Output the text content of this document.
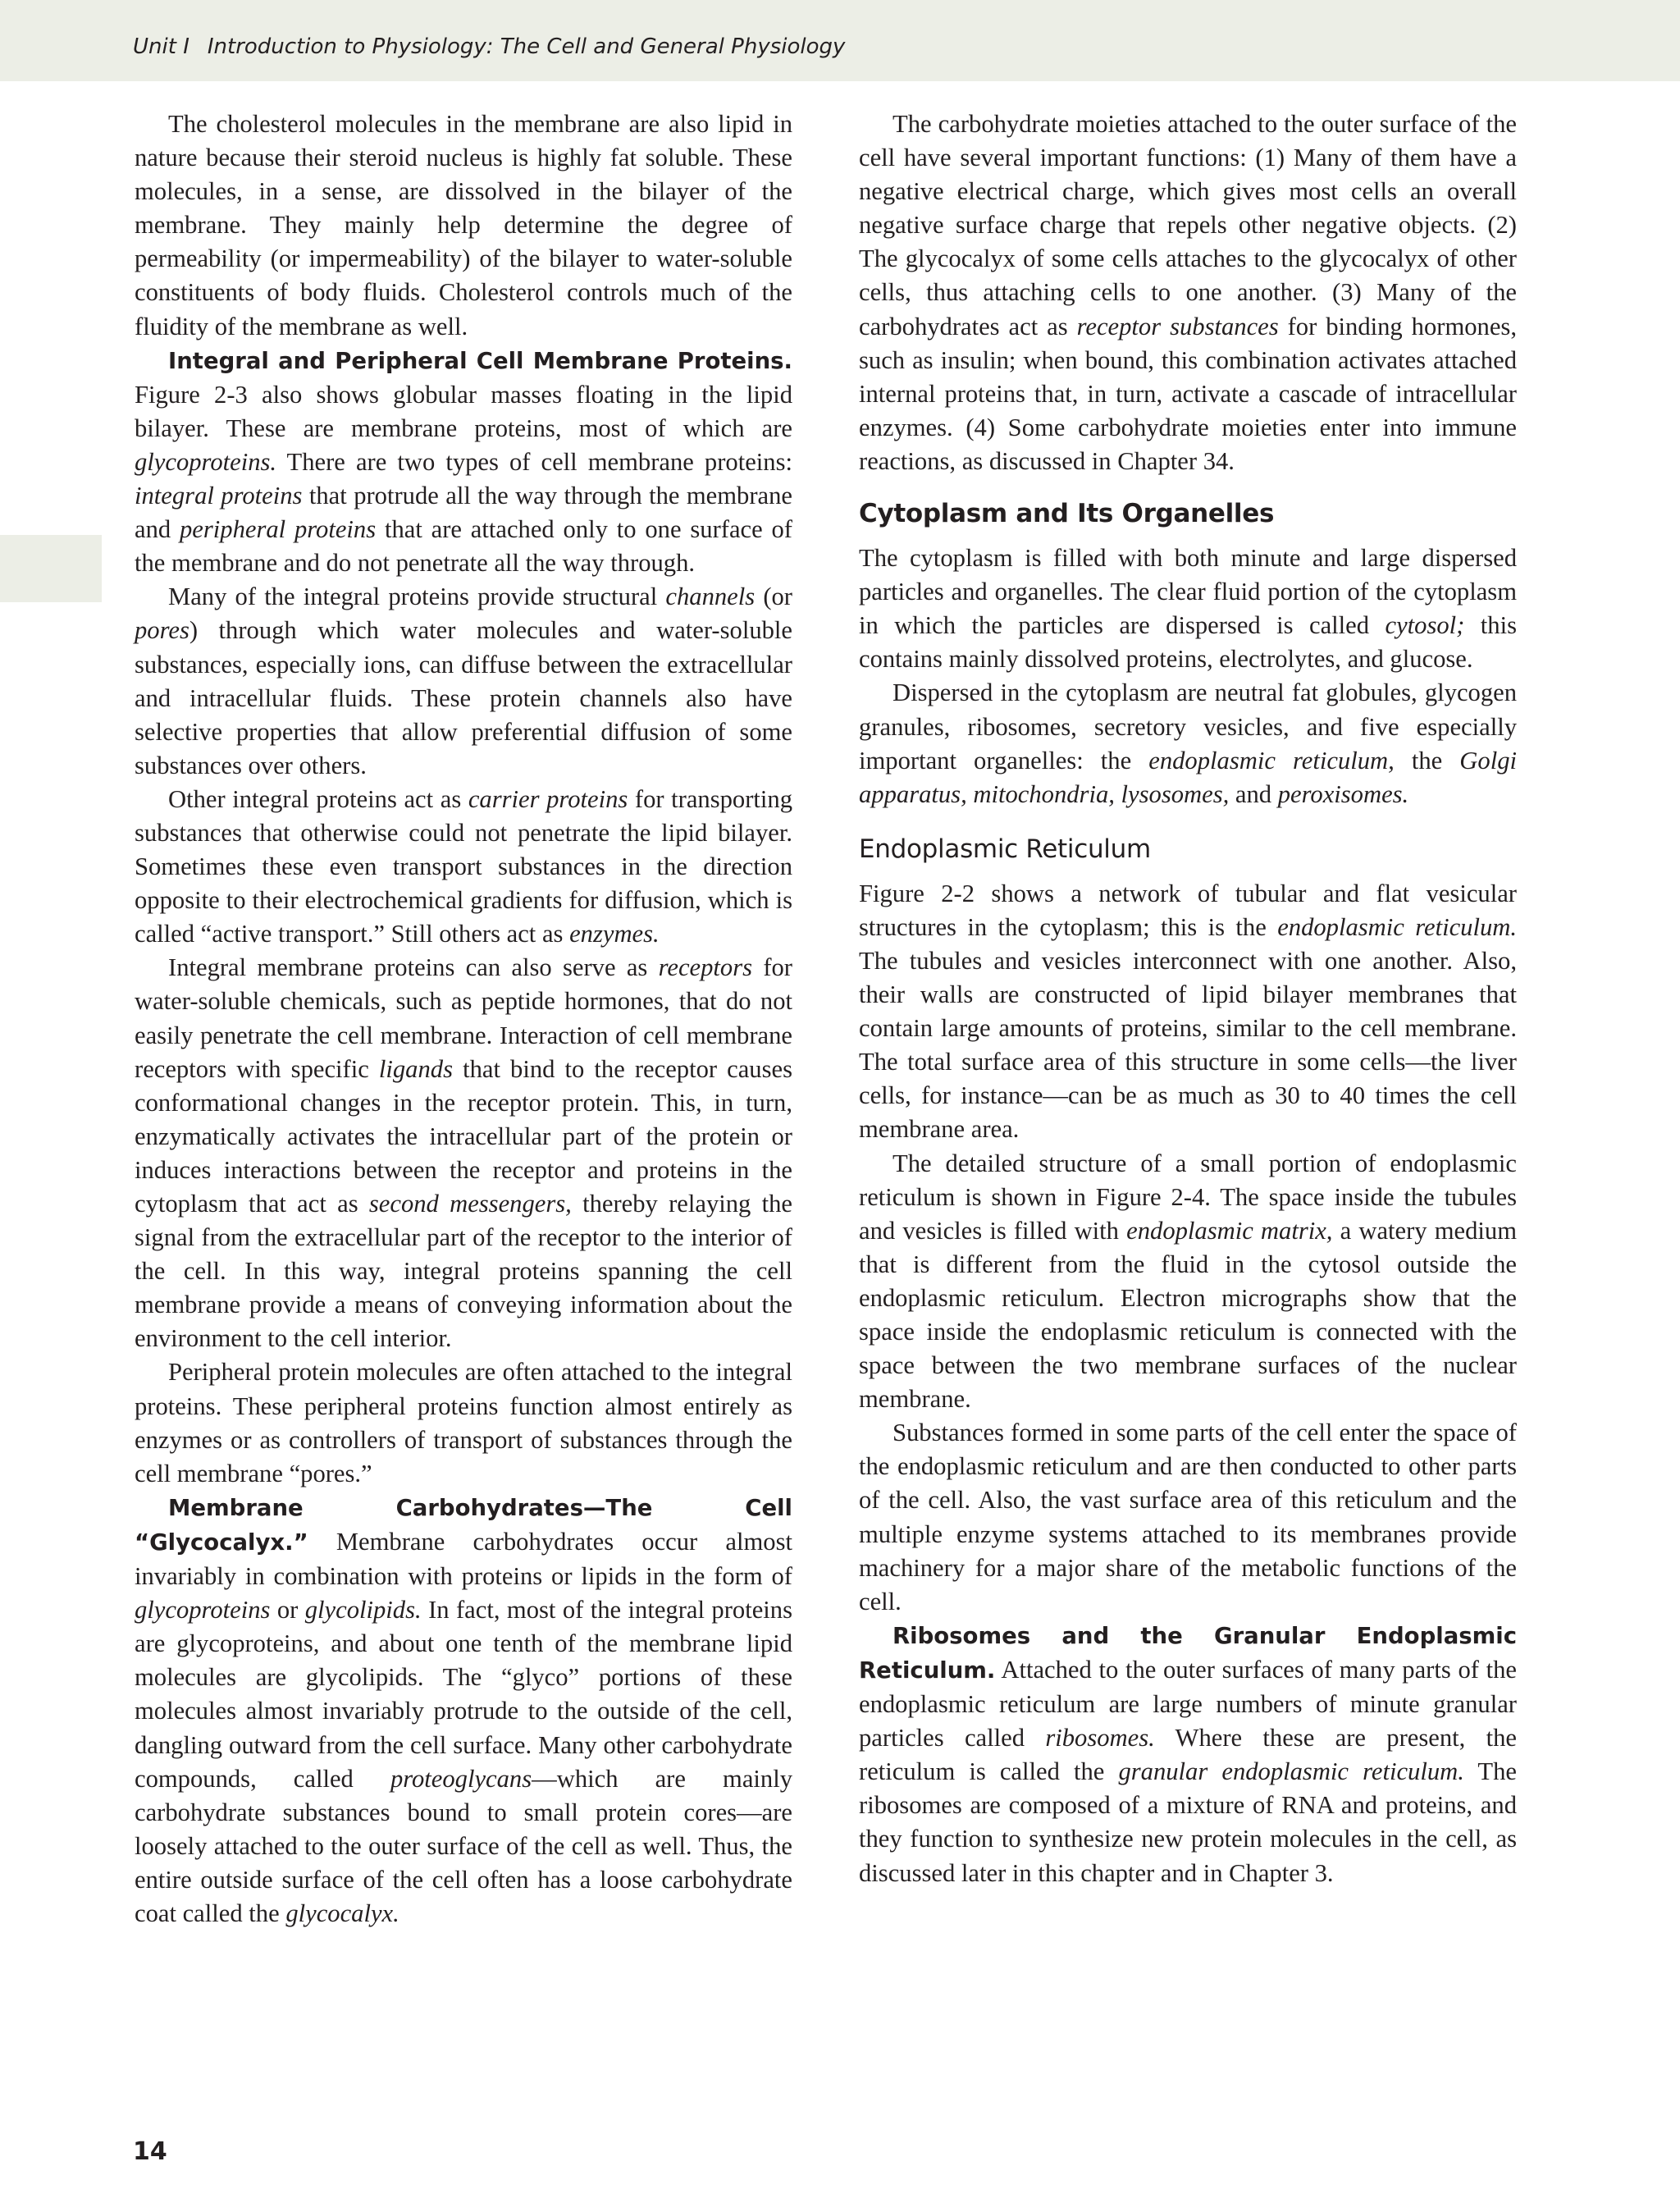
Unit I Introduction to Physiology: The Cell and General Physiology

The cholesterol molecules in the membrane are also lipid in nature because their steroid nucleus is highly fat soluble. These molecules, in a sense, are dissolved in the bilayer of the membrane. They mainly help determine the degree of permeability (or impermeability) of the bilayer to water-soluble constituents of body fluids. Cholesterol controls much of the fluidity of the membrane as well.

Integral and Peripheral Cell Membrane Proteins. Figure 2-3 also shows globular masses floating in the lipid bilayer. These are membrane proteins, most of which are glycoproteins. There are two types of cell membrane proteins: integral proteins that protrude all the way through the membrane and peripheral proteins that are attached only to one surface of the membrane and do not penetrate all the way through.

Many of the integral proteins provide structural channels (or pores) through which water molecules and water-soluble substances, especially ions, can diffuse between the extracellular and intracellular fluids. These protein channels also have selective properties that allow preferential diffusion of some substances over others.

Other integral proteins act as carrier proteins for transporting substances that otherwise could not penetrate the lipid bilayer. Sometimes these even transport substances in the direction opposite to their electrochemical gradients for diffusion, which is called “active transport.” Still others act as enzymes.

Integral membrane proteins can also serve as receptors for water-soluble chemicals, such as peptide hormones, that do not easily penetrate the cell membrane. Interaction of cell membrane receptors with specific ligands that bind to the receptor causes conformational changes in the receptor protein. This, in turn, enzymatically activates the intracellular part of the protein or induces interactions between the receptor and proteins in the cytoplasm that act as second messengers, thereby relaying the signal from the extracellular part of the receptor to the interior of the cell. In this way, integral proteins spanning the cell membrane provide a means of conveying information about the environment to the cell interior.

Peripheral protein molecules are often attached to the integral proteins. These peripheral proteins function almost entirely as enzymes or as controllers of transport of substances through the cell membrane “pores.”

Membrane Carbohydrates—The Cell “Glycocalyx.” Membrane carbohydrates occur almost invariably in combination with proteins or lipids in the form of glycoproteins or glycolipids. In fact, most of the integral proteins are glycoproteins, and about one tenth of the membrane lipid molecules are glycolipids. The “glyco” portions of these molecules almost invariably protrude to the outside of the cell, dangling outward from the cell surface. Many other carbohydrate compounds, called proteoglycans—which are mainly carbohydrate substances bound to small protein cores—are loosely attached to the outer surface of the cell as well. Thus, the entire outside surface of the cell often has a loose carbohydrate coat called the glycocalyx.

The carbohydrate moieties attached to the outer surface of the cell have several important functions: (1) Many of them have a negative electrical charge, which gives most cells an overall negative surface charge that repels other negative objects. (2) The glycocalyx of some cells attaches to the glycocalyx of other cells, thus attaching cells to one another. (3) Many of the carbohydrates act as receptor substances for binding hormones, such as insulin; when bound, this combination activates attached internal proteins that, in turn, activate a cascade of intracellular enzymes. (4) Some carbohydrate moieties enter into immune reactions, as discussed in Chapter 34.

Cytoplasm and Its Organelles

The cytoplasm is filled with both minute and large dispersed particles and organelles. The clear fluid portion of the cytoplasm in which the particles are dispersed is called cytosol; this contains mainly dissolved proteins, electrolytes, and glucose.

Dispersed in the cytoplasm are neutral fat globules, glycogen granules, ribosomes, secretory vesicles, and five especially important organelles: the endoplasmic reticulum, the Golgi apparatus, mitochondria, lysosomes, and peroxisomes.

Endoplasmic Reticulum

Figure 2-2 shows a network of tubular and flat vesicular structures in the cytoplasm; this is the endoplasmic reticulum. The tubules and vesicles interconnect with one another. Also, their walls are constructed of lipid bilayer membranes that contain large amounts of proteins, similar to the cell membrane. The total surface area of this structure in some cells—the liver cells, for instance—can be as much as 30 to 40 times the cell membrane area.

The detailed structure of a small portion of endoplasmic reticulum is shown in Figure 2-4. The space inside the tubules and vesicles is filled with endoplasmic matrix, a watery medium that is different from the fluid in the cytosol outside the endoplasmic reticulum. Electron micrographs show that the space inside the endoplasmic reticulum is connected with the space between the two membrane surfaces of the nuclear membrane.

Substances formed in some parts of the cell enter the space of the endoplasmic reticulum and are then conducted to other parts of the cell. Also, the vast surface area of this reticulum and the multiple enzyme systems attached to its membranes provide machinery for a major share of the metabolic functions of the cell.

Ribosomes and the Granular Endoplasmic Reticulum. Attached to the outer surfaces of many parts of the endoplasmic reticulum are large numbers of minute granular particles called ribosomes. Where these are present, the reticulum is called the granular endoplasmic reticulum. The ribosomes are composed of a mixture of RNA and proteins, and they function to synthesize new protein molecules in the cell, as discussed later in this chapter and in Chapter 3.

14
